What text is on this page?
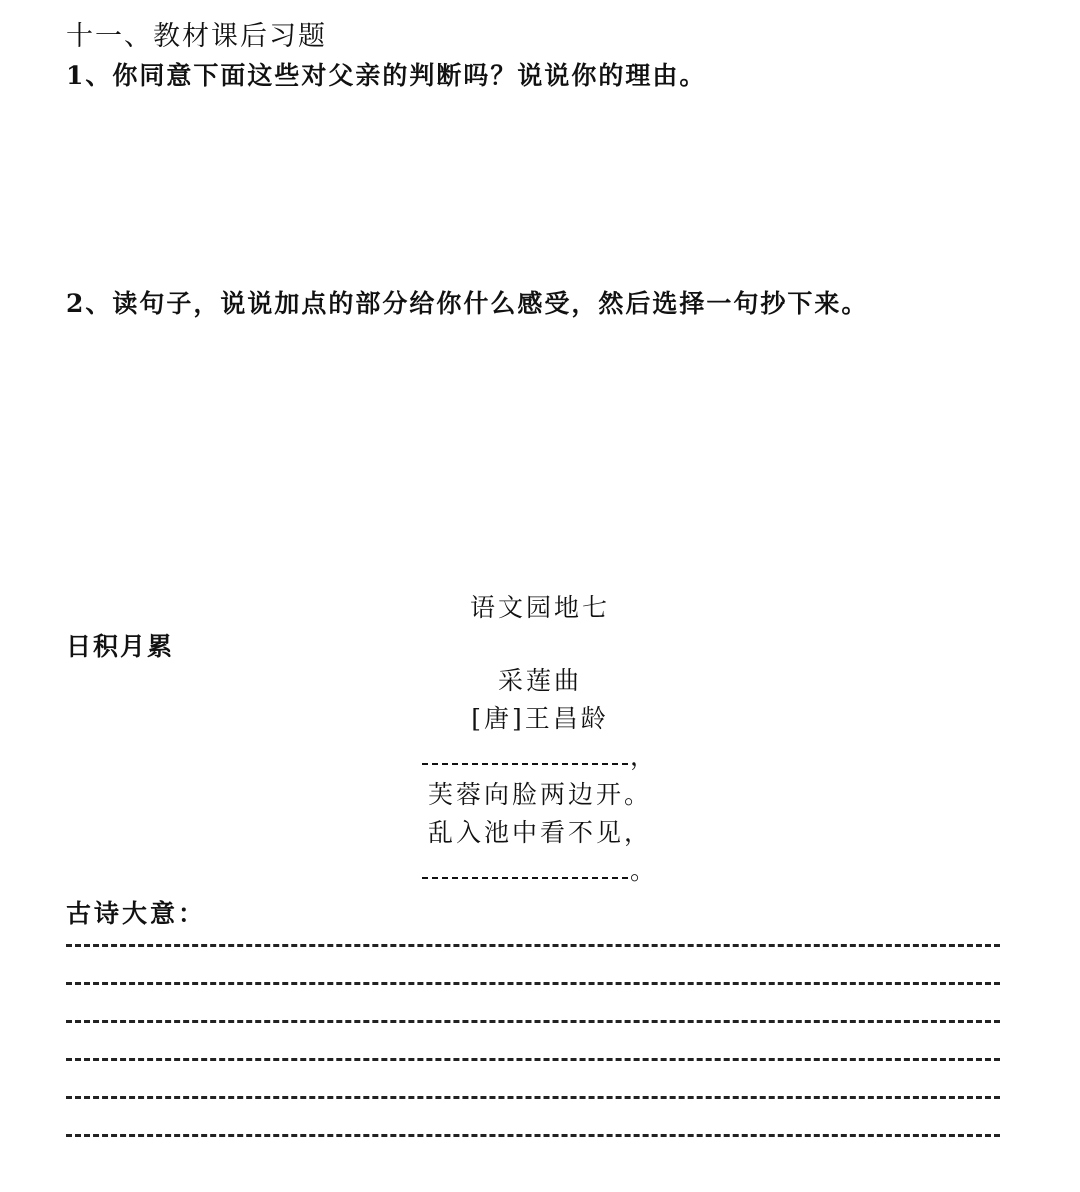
十一、教材课后习题
1、你同意下面这些对父亲的判断吗？说说你的理由。
2、读句子，说说加点的部分给你什么感受，然后选择一句抄下来。
语文园地七
日积月累
采莲曲
[唐]王昌龄
，
芙蓉向脸两边开。
乱入池中看不见，
。
古诗大意：
